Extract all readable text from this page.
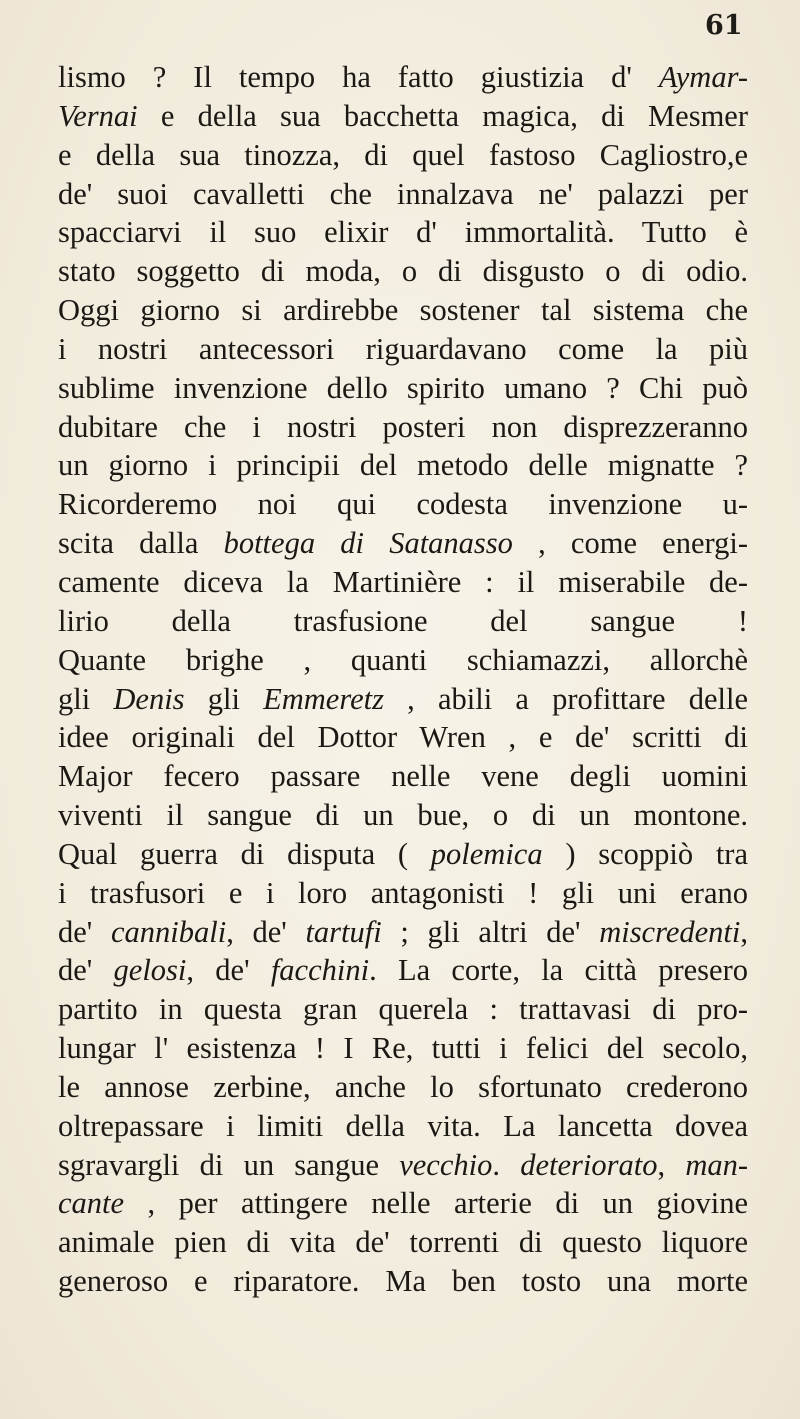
61
lismo ? Il tempo ha fatto giustizia d' Aymar-
Vernai e della sua bacchetta magica, di Mesmer
e della sua tinozza, di quel fastoso Cagliostro,e
de' suoi cavalletti che innalzava ne' palazzi per
spacciarvi il suo elixir d' immortalità. Tutto è
stato soggetto di moda, o di disgusto o di odio.
Oggi giorno si ardirebbe sostener tal sistema che
i nostri antecessori riguardavano come la più
sublime invenzione dello spirito umano ? Chi può
dubitare che i nostri posteri non disprezzeranno
un giorno i principii del metodo delle mignatte ?
Ricorderemo noi qui codesta invenzione u-
scita dalla bottega di Satanasso , come energi-
camente diceva la Martinière : il miserabile de-
lirio della trasfusione del sangue !
Quante brighe , quanti schiamazzi, allorchè
gli Denis gli Emmeretz , abili a profittare delle
idee originali del Dottor Wren , e de' scritti di
Major fecero passare nelle vene degli uomini
viventi il sangue di un bue, o di un montone.
Qual guerra di disputa ( polemica ) scoppiò tra
i trasfusori e i loro antagonisti ! gli uni erano
de' cannibali, de' tartufi ; gli altri de' miscredenti,
de' gelosi, de' facchini. La corte, la città presero
partito in questa gran querela : trattavasi di pro-
lungar l' esistenza ! I Re, tutti i felici del secolo,
le annose zerbine, anche lo sfortunato crederono
oltrepassare i limiti della vita. La lancetta dovea
sgravargli di un sangue vecchio. deteriorato, man-
cante , per attingere nelle arterie di un giovine
animale pien di vita de' torrenti di questo liquore
generoso e riparatore. Ma ben tosto una morte
